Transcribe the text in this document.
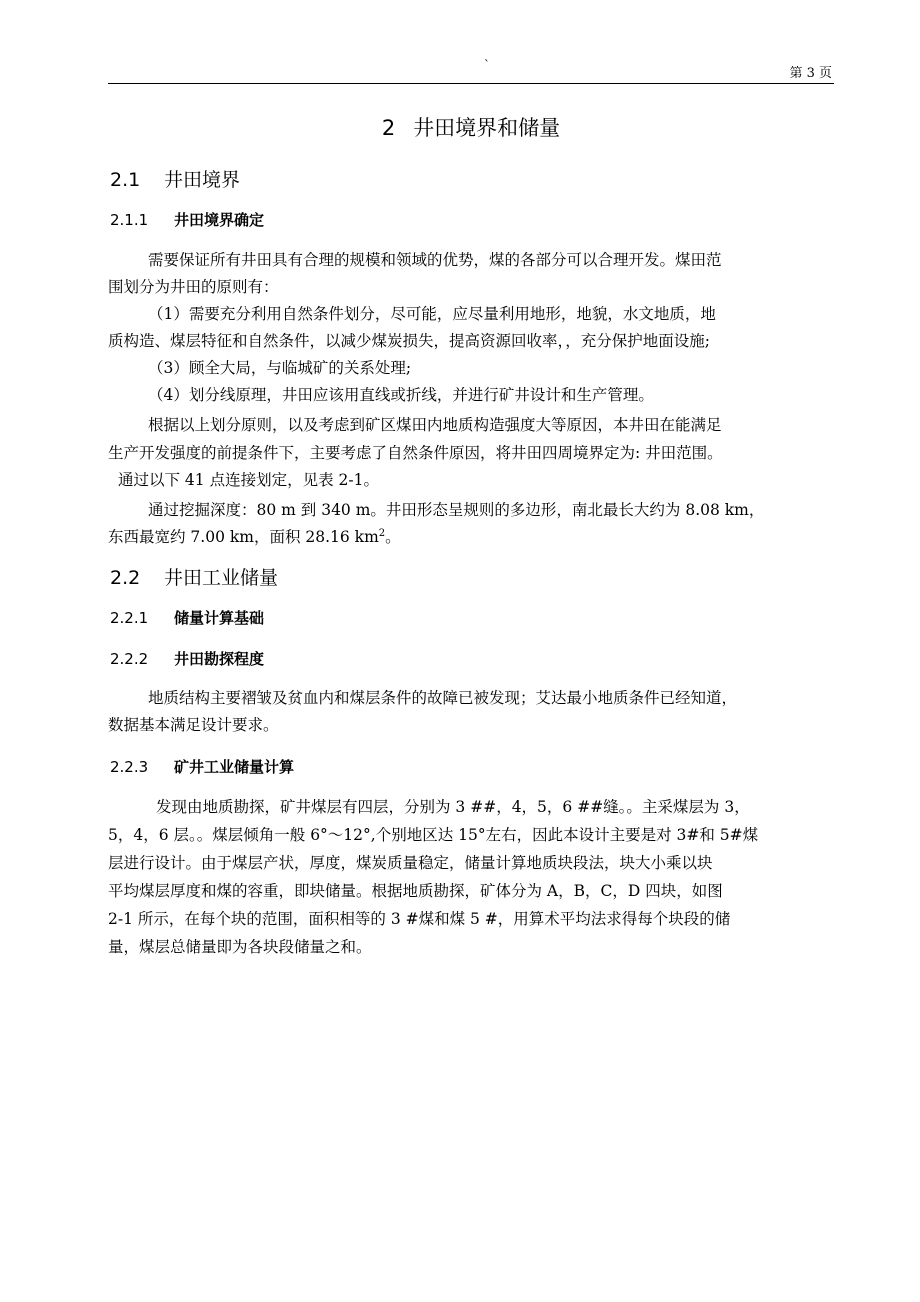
`
第 3 页
2 井田境界和储量
2.1 井田境界
2.1.1 井田境界确定
需要保证所有井田具有合理的规模和领域的优势，煤的各部分可以合理开发。煤田范
围划分为井田的原则有：
（1）需要充分利用自然条件划分，尽可能，应尽量利用地形，地貌，水文地质，地
质构造、煤层特征和自然条件，以减少煤炭损失，提高资源回收率，，充分保护地面设施;
（3）顾全大局，与临城矿的关系处理;
（4）划分线原理，井田应该用直线或折线，并进行矿井设计和生产管理。
根据以上划分原则，以及考虑到矿区煤田内地质构造强度大等原因，本井田在能满足
生产开发强度的前提条件下，主要考虑了自然条件原因，将井田四周境界定为: 井田范围。
通过以下 41 点连接划定，见表 2-1。
通过挖掘深度：80 m 到 340 m。井田形态呈规则的多边形，南北最长大约为 8.08 km，
东西最宽约 7.00 km，面积 28.16 $km^2$。
2.2 井田工业储量
2.2.1 储量计算基础
2.2.2 井田勘探程度
地质结构主要褶皱及贫血内和煤层条件的故障已被发现；艾达最小地质条件已经知道，
数据基本满足设计要求。
2.2.3 矿井工业储量计算
发现由地质勘探，矿井煤层有四层，分别为 3 ##，4，5，6 ##缝。。主采煤层为 3，
5，4，6 层。。煤层倾角一般 6°～12°,个别地区达 15°左右，因此本设计主要是对 3#和 5#煤
层进行设计。由于煤层产状，厚度，煤炭质量稳定，储量计算地质块段法，块大小乘以块
平均煤层厚度和煤的容重，即块储量。根据地质勘探，矿体分为 A，B，C，D 四块，如图
2-1 所示，在每个块的范围，面积相等的 3 #煤和煤 5 #，用算术平均法求得每个块段的储
量，煤层总储量即为各块段储量之和。
